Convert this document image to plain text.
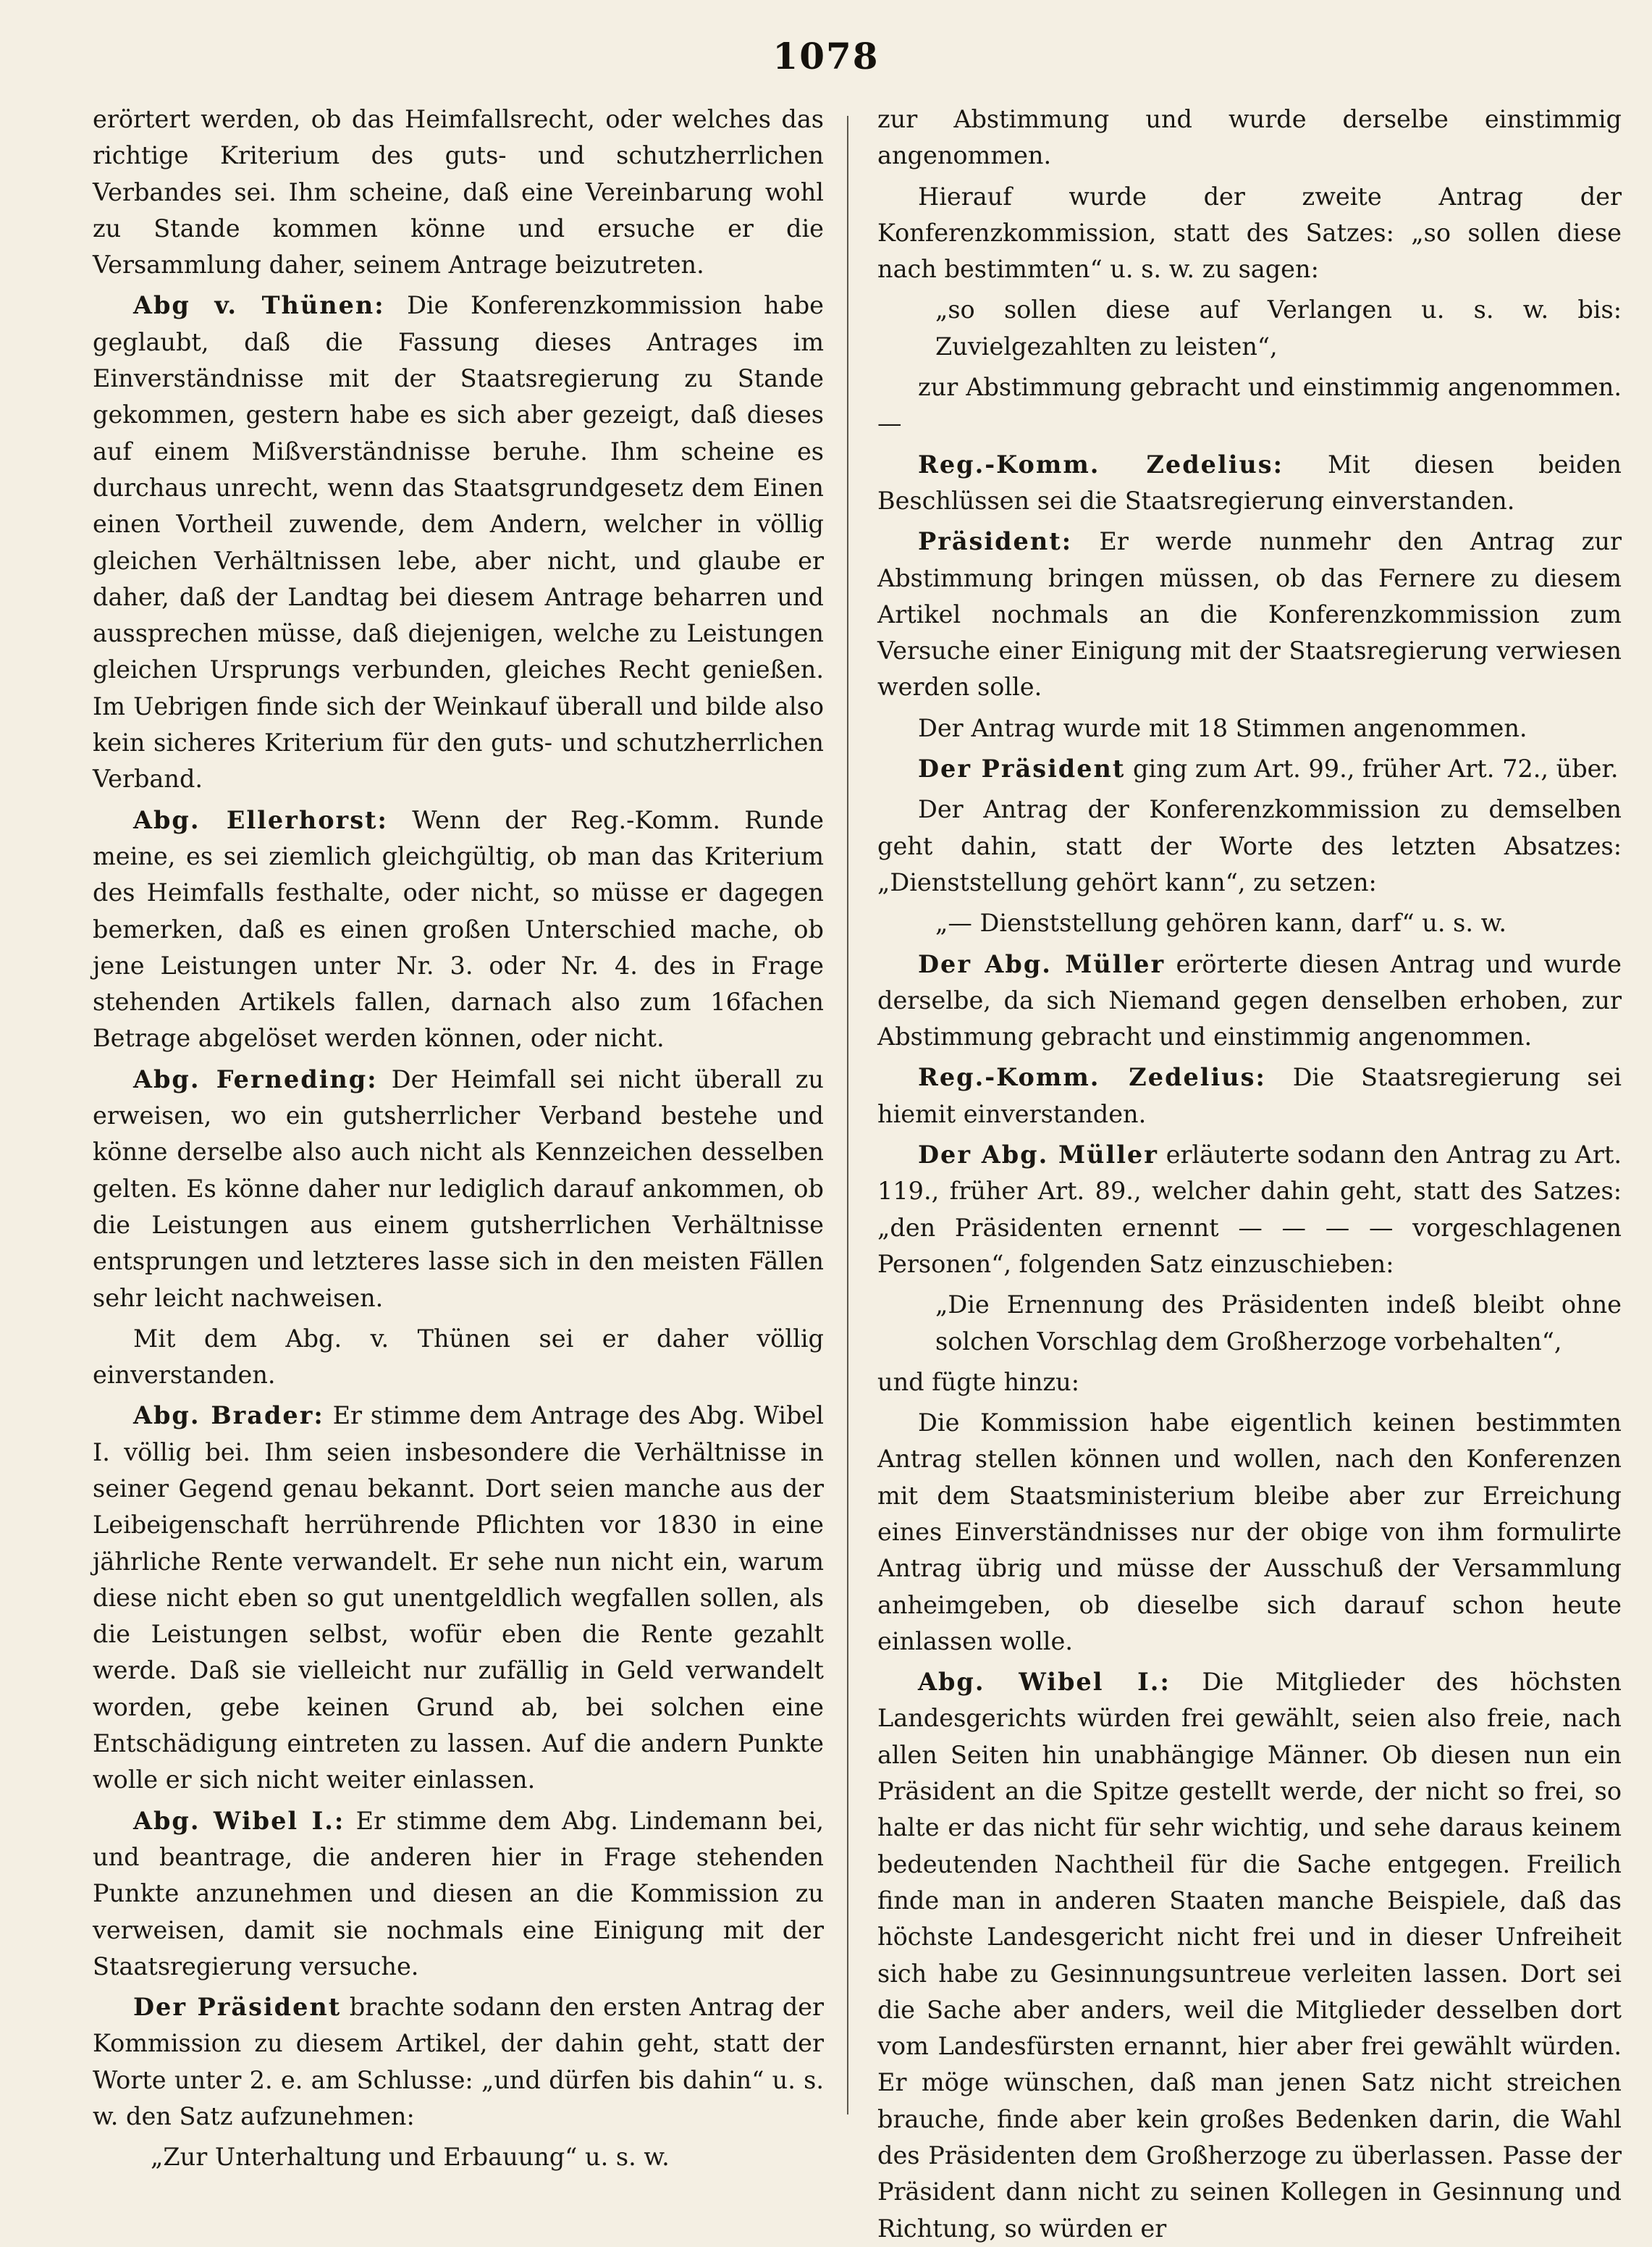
1078

erörtert werden, ob das Heimfallsrecht, oder welches das richtige Kriterium des guts- und schutzherrlichen Verbandes sei. Ihm scheine, daß eine Vereinbarung wohl zu Stande kommen könne und ersuche er die Versammlung daher, seinem Antrage beizutreten.

Abg v. Thünen: Die Konferenzkommission habe geglaubt, daß die Fassung dieses Antrages im Einverständnisse mit der Staatsregierung zu Stande gekommen, gestern habe es sich aber gezeigt, daß dieses auf einem Mißverständnisse beruhe. Ihm scheine es durchaus unrecht, wenn das Staatsgrundgesetz dem Einen einen Vortheil zuwende, dem Andern, welcher in völlig gleichen Verhältnissen lebe, aber nicht, und glaube er daher, daß der Landtag bei diesem Antrage beharren und aussprechen müsse, daß diejenigen, welche zu Leistungen gleichen Ursprungs verbunden, gleiches Recht genießen. Im Uebrigen finde sich der Weinkauf überall und bilde also kein sicheres Kriterium für den guts- und schutzherrlichen Verband.

Abg. Ellerhorst: Wenn der Reg.-Komm. Runde meine, es sei ziemlich gleichgültig, ob man das Kriterium des Heimfalls festhalte, oder nicht, so müsse er dagegen bemerken, daß es einen großen Unterschied mache, ob jene Leistungen unter Nr. 3. oder Nr. 4. des in Frage stehenden Artikels fallen, darnach also zum 16fachen Betrage abgelöset werden können, oder nicht.

Abg. Ferneding: Der Heimfall sei nicht überall zu erweisen, wo ein gutsherrlicher Verband bestehe und könne derselbe also auch nicht als Kennzeichen desselben gelten. Es könne daher nur lediglich darauf ankommen, ob die Leistungen aus einem gutsherrlichen Verhältnisse entsprungen und letzteres lasse sich in den meisten Fällen sehr leicht nachweisen.

Mit dem Abg. v. Thünen sei er daher völlig einverstanden.

Abg. Brader: Er stimme dem Antrage des Abg. Wibel I. völlig bei. Ihm seien insbesondere die Verhältnisse in seiner Gegend genau bekannt. Dort seien manche aus der Leibeigenschaft herrührende Pflichten vor 1830 in eine jährliche Rente verwandelt. Er sehe nun nicht ein, warum diese nicht eben so gut unentgeldlich wegfallen sollen, als die Leistungen selbst, wofür eben die Rente gezahlt werde. Daß sie vielleicht nur zufällig in Geld verwandelt worden, gebe keinen Grund ab, bei solchen eine Entschädigung eintreten zu lassen. Auf die andern Punkte wolle er sich nicht weiter einlassen.

Abg. Wibel I.: Er stimme dem Abg. Lindemann bei, und beantrage, die anderen hier in Frage stehenden Punkte anzunehmen und diesen an die Kommission zu verweisen, damit sie nochmals eine Einigung mit der Staatsregierung versuche.

Der Präsident brachte sodann den ersten Antrag der Kommission zu diesem Artikel, der dahin geht, statt der Worte unter 2. e. am Schlusse: „und dürfen bis dahin“ u. s. w. den Satz aufzunehmen:

„Zur Unterhaltung und Erbauung“ u. s. w.

zur Abstimmung und wurde derselbe einstimmig angenommen.

Hierauf wurde der zweite Antrag der Konferenzkommission, statt des Satzes: „so sollen diese nach bestimmten“ u. s. w. zu sagen:

„so sollen diese auf Verlangen u. s. w. bis: Zuvielgezahlten zu leisten“,

zur Abstimmung gebracht und einstimmig angenommen. —

Reg.-Komm. Zedelius: Mit diesen beiden Beschlüssen sei die Staatsregierung einverstanden.

Präsident: Er werde nunmehr den Antrag zur Abstimmung bringen müssen, ob das Fernere zu diesem Artikel nochmals an die Konferenzkommission zum Versuche einer Einigung mit der Staatsregierung verwiesen werden solle.

Der Antrag wurde mit 18 Stimmen angenommen.

Der Präsident ging zum Art. 99., früher Art. 72., über.

Der Antrag der Konferenzkommission zu demselben geht dahin, statt der Worte des letzten Absatzes: „Dienststellung gehört kann“, zu setzen:

„— Dienststellung gehören kann, darf“ u. s. w.

Der Abg. Müller erörterte diesen Antrag und wurde derselbe, da sich Niemand gegen denselben erhoben, zur Abstimmung gebracht und einstimmig angenommen.

Reg.-Komm. Zedelius: Die Staatsregierung sei hiemit einverstanden.

Der Abg. Müller erläuterte sodann den Antrag zu Art. 119., früher Art. 89., welcher dahin geht, statt des Satzes: „den Präsidenten ernennt — — — — vorgeschlagenen Personen“, folgenden Satz einzuschieben:

„Die Ernennung des Präsidenten indeß bleibt ohne solchen Vorschlag dem Großherzoge vorbehalten“,

und fügte hinzu:

Die Kommission habe eigentlich keinen bestimmten Antrag stellen können und wollen, nach den Konferenzen mit dem Staatsministerium bleibe aber zur Erreichung eines Einverständnisses nur der obige von ihm formulirte Antrag übrig und müsse der Ausschuß der Versammlung anheimgeben, ob dieselbe sich darauf schon heute einlassen wolle.

Abg. Wibel I.: Die Mitglieder des höchsten Landesgerichts würden frei gewählt, seien also freie, nach allen Seiten hin unabhängige Männer. Ob diesen nun ein Präsident an die Spitze gestellt werde, der nicht so frei, so halte er das nicht für sehr wichtig, und sehe daraus keinem bedeutenden Nachtheil für die Sache entgegen. Freilich finde man in anderen Staaten manche Beispiele, daß das höchste Landesgericht nicht frei und in dieser Unfreiheit sich habe zu Gesinnungsuntreue verleiten lassen. Dort sei die Sache aber anders, weil die Mitglieder desselben dort vom Landesfürsten ernannt, hier aber frei gewählt würden. Er möge wünschen, daß man jenen Satz nicht streichen brauche, finde aber kein großes Bedenken darin, die Wahl des Präsidenten dem Großherzoge zu überlassen. Passe der Präsident dann nicht zu seinen Kollegen in Gesinnung und Richtung, so würden er
